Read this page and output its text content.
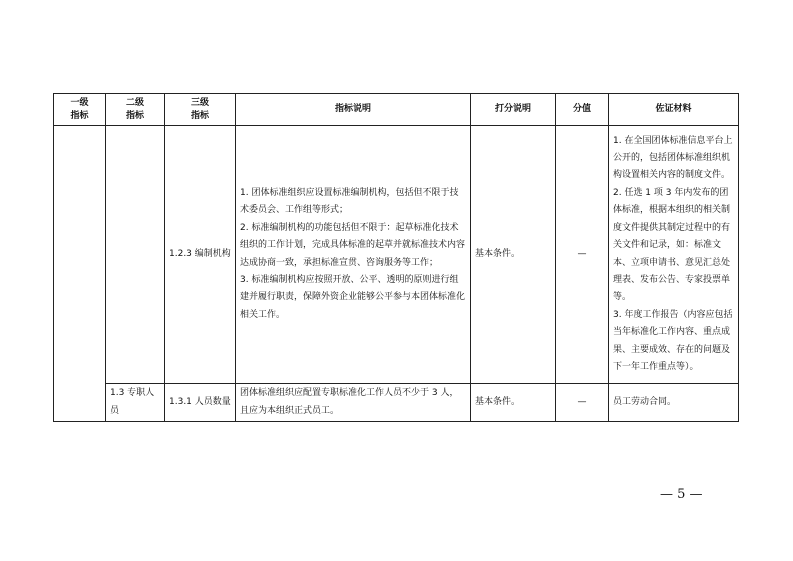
一级
指标	二级
指标	三级
指标	指标说明	打分说明	分值	佐证材料
		1.2.3 编制机构	1. 团体标准组织应设置标准编制机构，包括但不限于技术委员会、工作组等形式；
2. 标准编制机构的功能包括但不限于：起草标准化技术组织的工作计划，完成具体标准的起草并就标准技术内容达成协商一致，承担标准宣贯、咨询服务等工作；
3. 标准编制机构应按照开放、公平、透明的原则进行组建并履行职责，保障外资企业能够公平参与本团体标准化相关工作。	基本条件。	—	1. 在全国团体标准信息平台上公开的，包括团体标准组织机构设置相关内容的制度文件。
2. 任选 1 项 3 年内发布的团体标准，根据本组织的相关制度文件提供其制定过程中的有关文件和记录，如：标准文本、立项申请书、意见汇总处理表、发布公告、专家投票单等。
3. 年度工作报告（内容应包括当年标准化工作内容、重点成果、主要成效、存在的问题及下一年工作重点等）。
	1.3 专职人员	1.3.1 人员数量	团体标准组织应配置专职标准化工作人员不少于 3 人，且应为本组织正式员工。	基本条件。	—	员工劳动合同。
— 5 —
